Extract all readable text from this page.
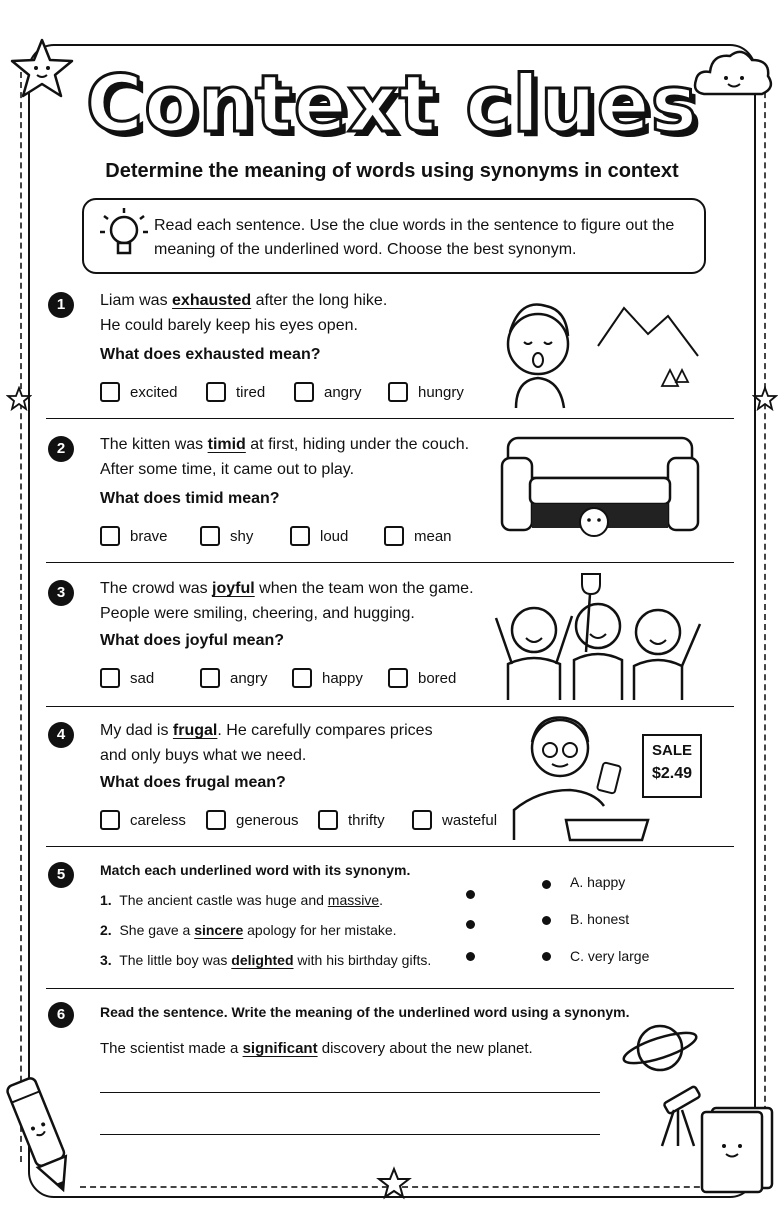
Context clues
Determine the meaning of words using synonyms in context
Read each sentence. Use the clue words in the sentence to figure out the meaning of the underlined word. Choose the best synonym.
1	Liam was exhausted after the long hike.
He could barely keep his eyes open.
What does exhausted mean?
excited	tired	angry	hungry
2	The kitten was timid at first, hiding under the couch.
After some time, it came out to play.
What does timid mean?
brave	shy	loud	mean
3	The crowd was joyful when the team won the game.
People were smiling, cheering, and hugging.
What does joyful mean?
sad	angry	happy	bored
4	My dad is frugal. He carefully compares prices
and only buys what we need.
What does frugal mean?
careless	generous	thrifty	wasteful
SALE
$2.49
5	Match each underlined word with its synonym.
1. The ancient castle was huge and massive.
2. She gave a sincere apology for her mistake.
3. The little boy was delighted with his birthday gifts.
A. happy
B. honest
C. very large
6	Read the sentence. Write the meaning of the underlined word using a synonym.
The scientist made a significant discovery about the new planet.
